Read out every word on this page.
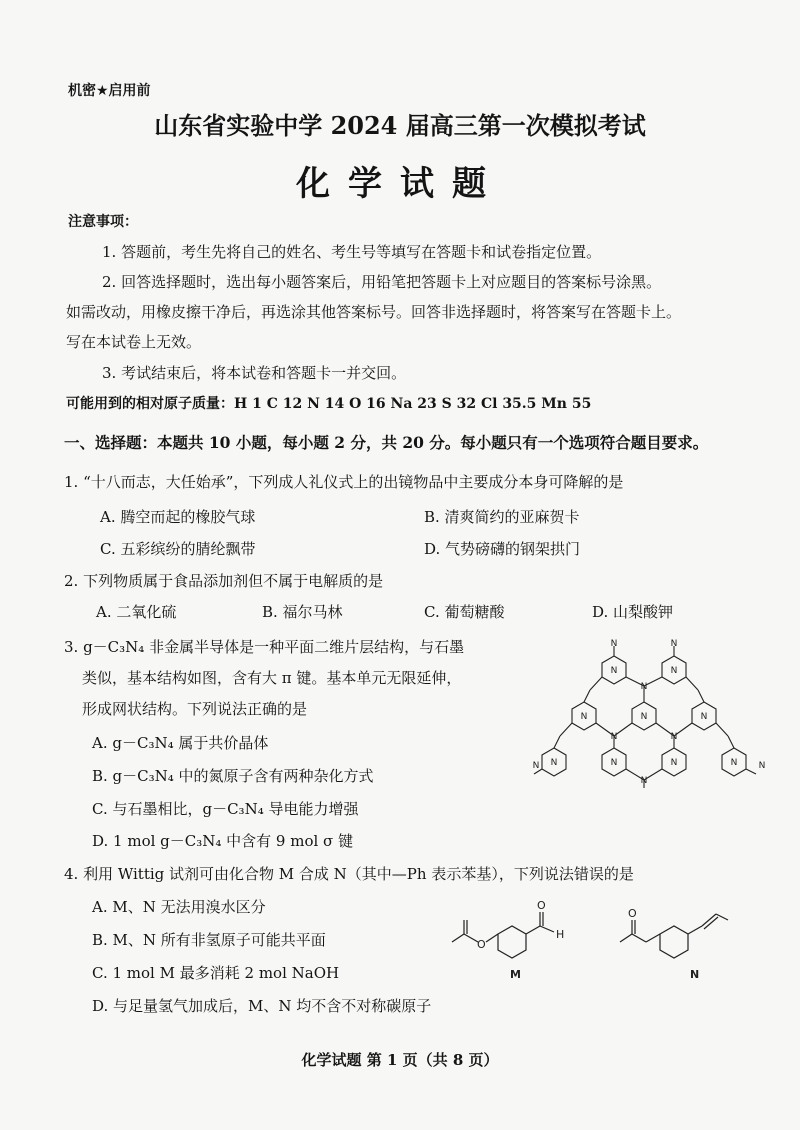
机密★启用前
山东省实验中学 2024 届高三第一次模拟考试
化学试题
注意事项：
1. 答题前，考生先将自己的姓名、考生号等填写在答题卡和试卷指定位置。
2. 回答选择题时，选出每小题答案后，用铅笔把答题卡上对应题目的答案标号涂黑。
如需改动，用橡皮擦干净后，再选涂其他答案标号。回答非选择题时，将答案写在答题卡上。
写在本试卷上无效。
3. 考试结束后，将本试卷和答题卡一并交回。
可能用到的相对原子质量：H 1 C 12 N 14 O 16 Na 23 S 32 Cl 35.5 Mn 55
一、选择题：本题共 10 小题，每小题 2 分，共 20 分。每小题只有一个选项符合题目要求。
1. “十八而志，大任始承”，下列成人礼仪式上的出镜物品中主要成分本身可降解的是
A. 腾空而起的橡胶气球	B. 清爽简约的亚麻贺卡
C. 五彩缤纷的腈纶飘带	D. 气势磅礴的钢架拱门
2. 下列物质属于食品添加剂但不属于电解质的是
A. 二氧化硫	B. 福尔马林	C. 葡萄糖酸	D. 山梨酸钾
3. g－C₃N₄ 非金属半导体是一种平面二维片层结构，与石墨
类似，基本结构如图，含有大 π 键。基本单元无限延伸，
形成网状结构。下列说法正确的是
A. g－C₃N₄ 属于共价晶体
B. g－C₃N₄ 中的氮原子含有两种杂化方式
C. 与石墨相比，g－C₃N₄ 导电能力增强
D. 1 mol g－C₃N₄ 中含有 9 mol σ 键
N	N
N	N	N
N	N	N	N
N
N	N
N
N	N
N
N
4. 利用 Wittig 试剂可由化合物 M 合成 N（其中—Ph 表示苯基），下列说法错误的是
A. M、N 无法用溴水区分
B. M、N 所有非氢原子可能共平面
C. 1 mol M 最多消耗 2 mol NaOH
D. 与足量氢气加成后，M、N 均不含不对称碳原子
O
O
H
M
O
N
化学试题 第 1 页（共 8 页）
